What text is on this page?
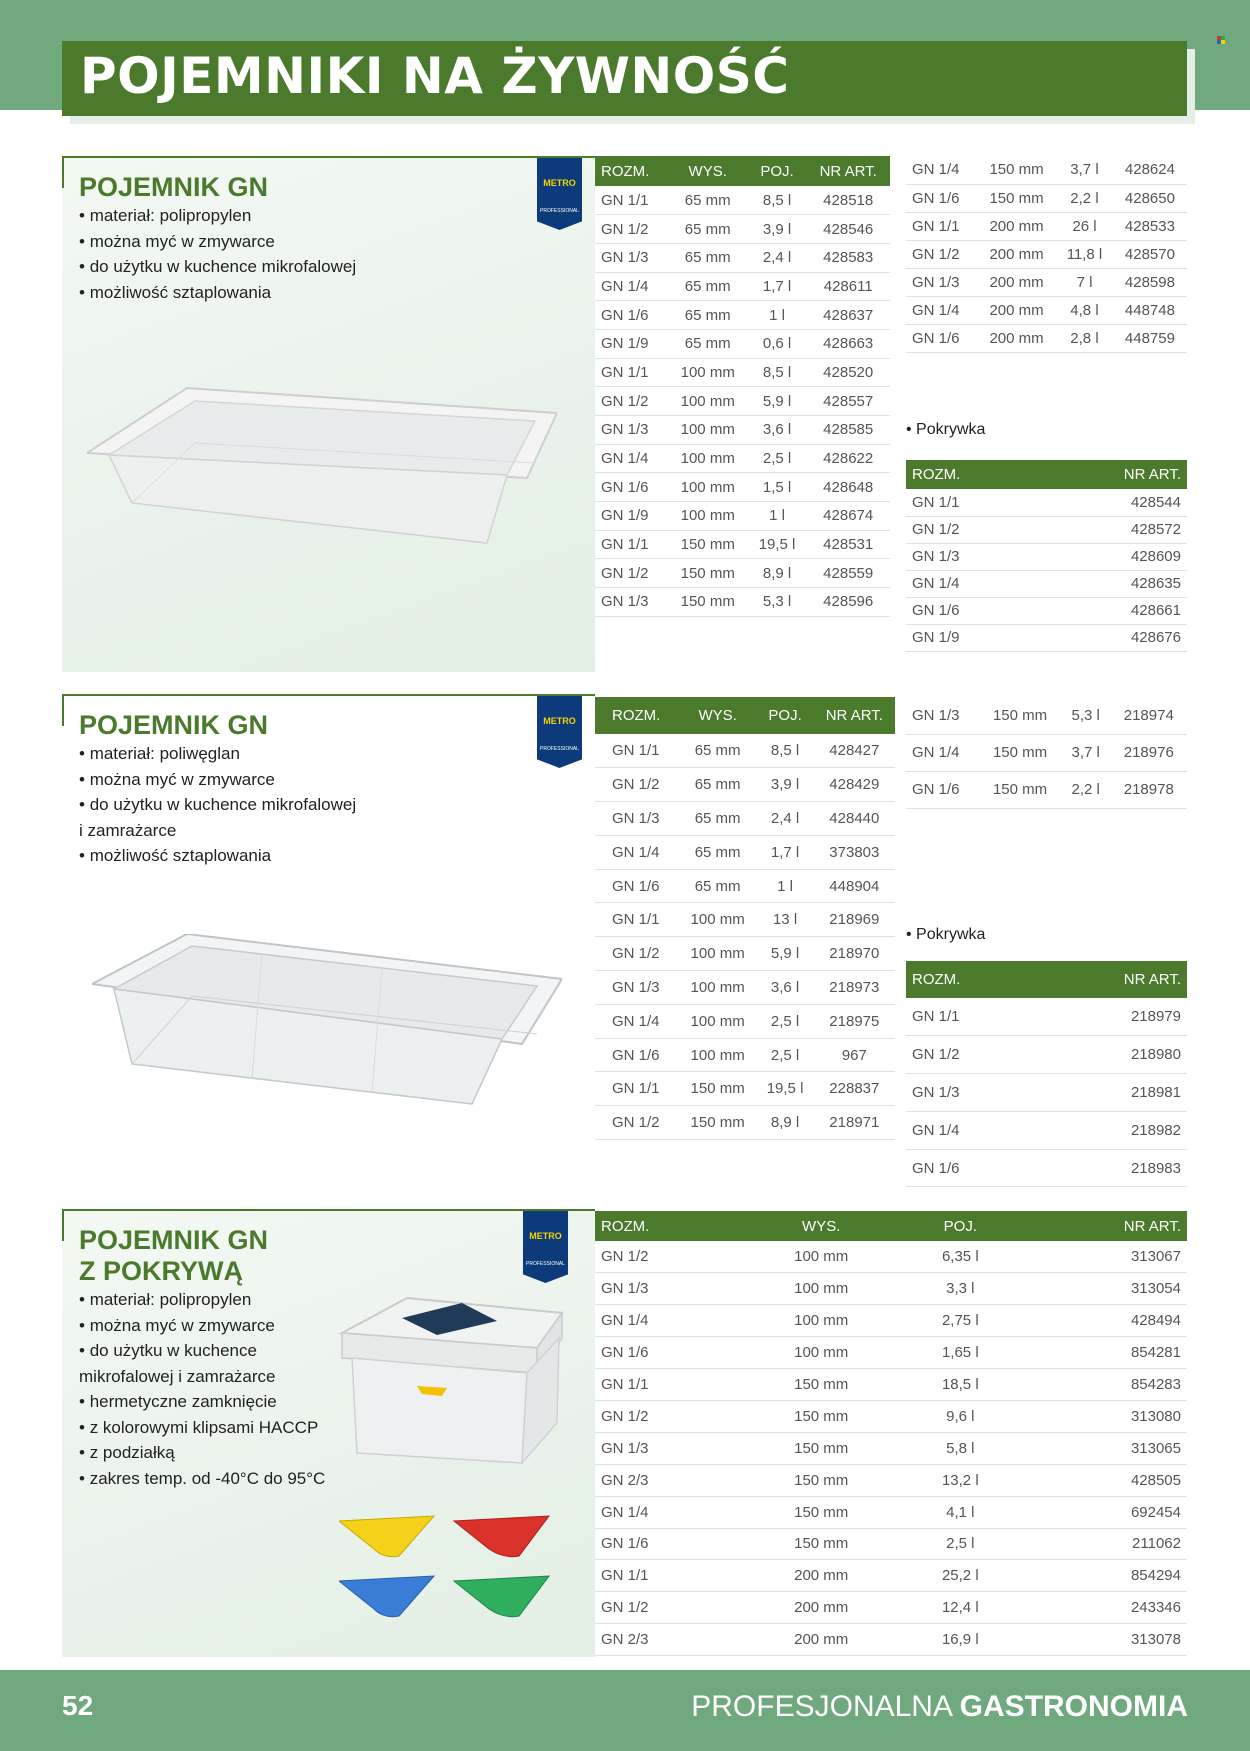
POJEMNIKI NA ŻYWNOŚĆ
POJEMNIK GN
• materiał: polipropylen
• można myć w zmywarce
• do użytku w kuchence mikrofalowej
• możliwość sztaplowania
METRO
PROFESSIONAL
ROZM.	WYS.	POJ.	NR ART.
GN 1/1	65 mm	8,5 l	428518
GN 1/2	65 mm	3,9 l	428546
GN 1/3	65 mm	2,4 l	428583
GN 1/4	65 mm	1,7 l	428611
GN 1/6	65 mm	1 l	428637
GN 1/9	65 mm	0,6 l	428663
GN 1/1	100 mm	8,5 l	428520
GN 1/2	100 mm	5,9 l	428557
GN 1/3	100 mm	3,6 l	428585
GN 1/4	100 mm	2,5 l	428622
GN 1/6	100 mm	1,5 l	428648
GN 1/9	100 mm	1 l	428674
GN 1/1	150 mm	19,5 l	428531
GN 1/2	150 mm	8,9 l	428559
GN 1/3	150 mm	5,3 l	428596
GN 1/4	150 mm	3,7 l	428624
GN 1/6	150 mm	2,2 l	428650
GN 1/1	200 mm	26 l	428533
GN 1/2	200 mm	11,8 l	428570
GN 1/3	200 mm	7 l	428598
GN 1/4	200 mm	4,8 l	448748
GN 1/6	200 mm	2,8 l	448759
• Pokrywka
ROZM.	NR ART.
GN 1/1	428544
GN 1/2	428572
GN 1/3	428609
GN 1/4	428635
GN 1/6	428661
GN 1/9	428676
POJEMNIK GN
• materiał: poliwęglan
• można myć w zmywarce
• do użytku w kuchence mikrofalowej
i zamrażarce
• możliwość sztaplowania
METRO
PROFESSIONAL
ROZM.	WYS.	POJ.	NR ART.
GN 1/1	65 mm	8,5 l	428427
GN 1/2	65 mm	3,9 l	428429
GN 1/3	65 mm	2,4 l	428440
GN 1/4	65 mm	1,7 l	373803
GN 1/6	65 mm	1 l	448904
GN 1/1	100 mm	13 l	218969
GN 1/2	100 mm	5,9 l	218970
GN 1/3	100 mm	3,6 l	218973
GN 1/4	100 mm	2,5 l	218975
GN 1/6	100 mm	2,5 l	967
GN 1/1	150 mm	19,5 l	228837
GN 1/2	150 mm	8,9 l	218971
GN 1/3	150 mm	5,3 l	218974
GN 1/4	150 mm	3,7 l	218976
GN 1/6	150 mm	2,2 l	218978
• Pokrywka
ROZM.	NR ART.
GN 1/1	218979
GN 1/2	218980
GN 1/3	218981
GN 1/4	218982
GN 1/6	218983
POJEMNIK GN
Z POKRYWĄ
• materiał: polipropylen
• można myć w zmywarce
• do użytku w kuchence
mikrofalowej i zamrażarce
• hermetyczne zamknięcie
• z kolorowymi klipsami HACCP
• z podziałką
• zakres temp. od -40°C do 95°C
METRO
PROFESSIONAL
ROZM.	WYS.	POJ.	NR ART.
GN 1/2	100 mm	6,35 l	313067
GN 1/3	100 mm	3,3 l	313054
GN 1/4	100 mm	2,75 l	428494
GN 1/6	100 mm	1,65 l	854281
GN 1/1	150 mm	18,5 l	854283
GN 1/2	150 mm	9,6 l	313080
GN 1/3	150 mm	5,8 l	313065
GN 2/3	150 mm	13,2 l	428505
GN 1/4	150 mm	4,1 l	692454
GN 1/6	150 mm	2,5 l	211062
GN 1/1	200 mm	25,2 l	854294
GN 1/2	200 mm	12,4 l	243346
GN 2/3	200 mm	16,9 l	313078
52	PROFESJONALNA GASTRONOMIA
